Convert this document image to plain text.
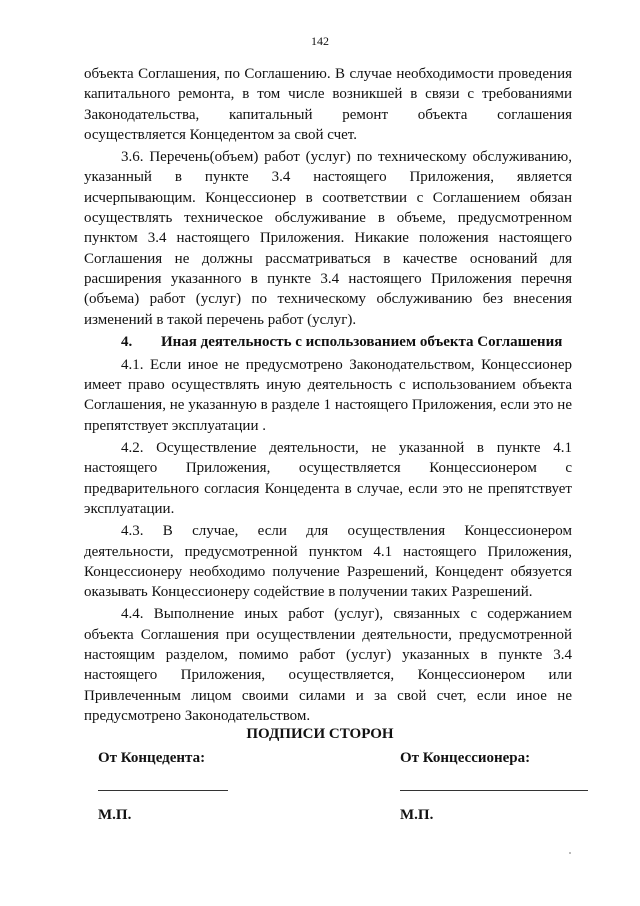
142

объекта Соглашения, по Соглашению. В случае необходимости проведения капитального ремонта, в том числе возникшей в связи с требованиями Законодательства, капитальный ремонт объекта соглашения осуществляется Концедентом за свой счет.

3.6. Перечень(объем) работ (услуг) по техническому обслуживанию, указанный в пункте 3.4 настоящего Приложения, является исчерпывающим. Концессионер в соответствии с Соглашением обязан осуществлять техническое обслуживание в объеме, предусмотренном пунктом 3.4 настоящего Приложения. Никакие положения настоящего Соглашения не должны рассматриваться в качестве оснований для расширения указанного в пункте 3.4 настоящего Приложения перечня (объема) работ (услуг) по техническому обслуживанию без внесения изменений в такой перечень работ (услуг).

4. Иная деятельность с использованием объекта Соглашения

4.1. Если иное не предусмотрено Законодательством, Концессионер имеет право осуществлять иную деятельность с использованием объекта Соглашения, не указанную в разделе 1 настоящего Приложения, если это не препятствует эксплуатации .

4.2. Осуществление деятельности, не указанной в пункте 4.1 настоящего Приложения, осуществляется Концессионером с предварительного согласия Концедента в случае, если это не препятствует эксплуатации.

4.3. В случае, если для осуществления Концессионером деятельности, предусмотренной пунктом 4.1 настоящего Приложения, Концессионеру необходимо получение Разрешений, Концедент обязуется оказывать Концессионеру содействие в получении таких Разрешений.

4.4. Выполнение иных работ (услуг), связанных с содержанием объекта Соглашения при осуществлении деятельности, предусмотренной настоящим разделом, помимо работ (услуг) указанных в пункте 3.4 настоящего Приложения, осуществляется, Концессионером или Привлеченным лицом своими силами и за свой счет, если иное не предусмотрено Законодательством.

ПОДПИСИ СТОРОН
От Концедента:
М.П.
От Концессионера:
М.П.
